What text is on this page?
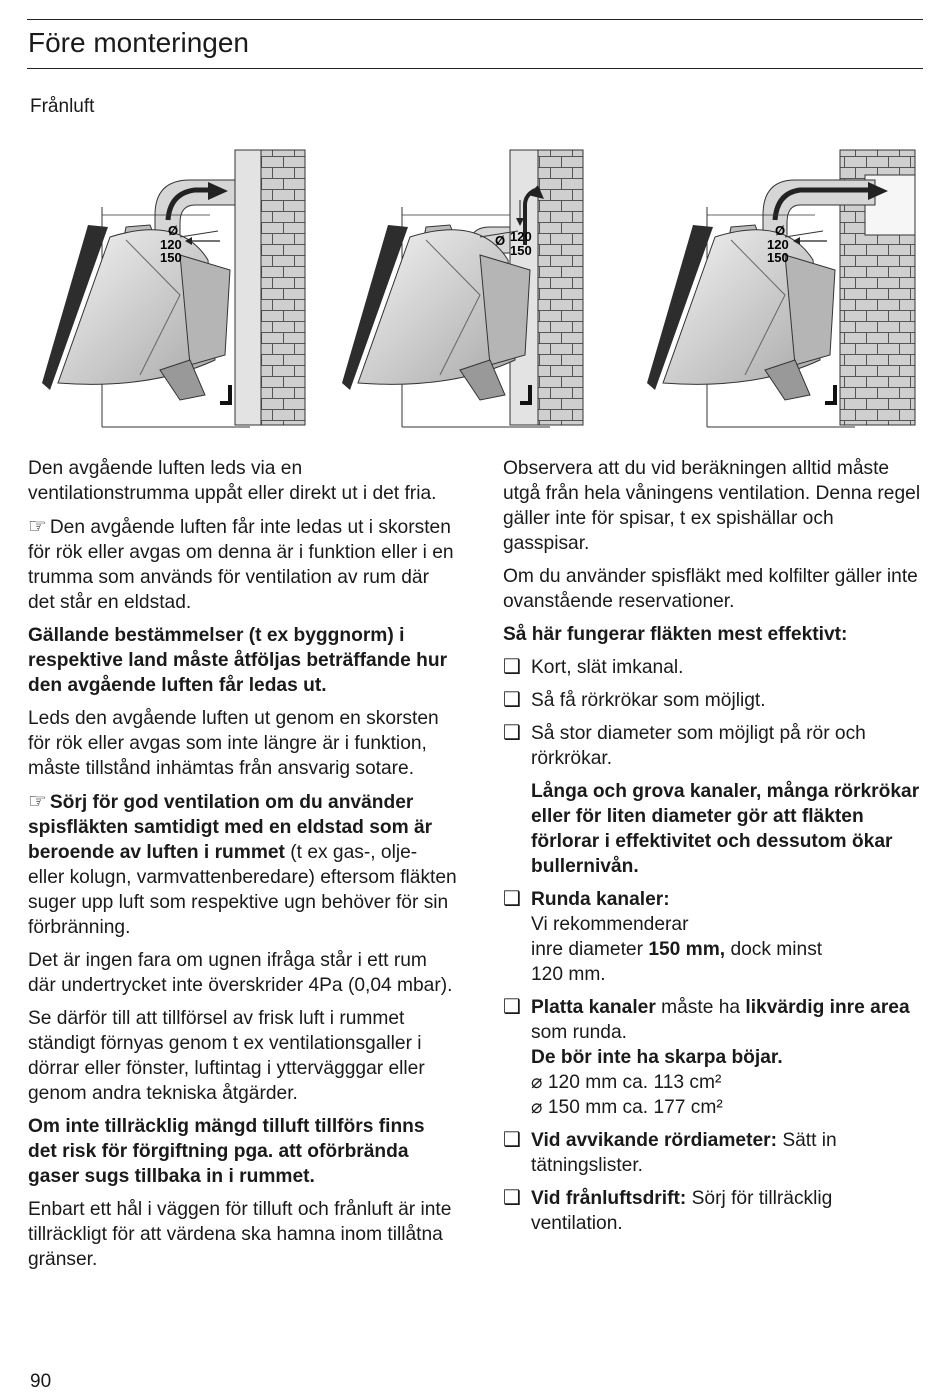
Före monteringen
Frånluft
Ø
120
150
Ø 120
150
Ø
120
150

Den avgående luften leds via en ventilationstrumma uppåt eller direkt ut i det fria.

☞ Den avgående luften får inte ledas ut i skorsten för rök eller avgas om denna är i funktion eller i en trumma som används för ventilation av rum där det står en eldstad.

Gällande bestämmelser (t ex byggnorm) i respektive land måste åtföljas beträffande hur den avgående luften får ledas ut.

Leds den avgående luften ut genom en skorsten för rök eller avgas som inte längre är i funktion, måste tillstånd inhämtas från ansvarig sotare.

☞ Sörj för god ventilation om du använder spisfläkten samtidigt med en eldstad som är beroende av luften i rummet (t ex gas-, olje- eller kolugn, varmvattenberedare) eftersom fläkten suger upp luft som respektive ugn behöver för sin förbränning.

Det är ingen fara om ugnen ifråga står i ett rum där undertrycket inte överskrider 4Pa (0,04 mbar).

Se därför till att tillförsel av frisk luft i rummet ständigt förnyas genom t ex ventilationsgaller i dörrar eller fönster, luftintag i yttervägggar eller genom andra tekniska åtgärder.

Om inte tillräcklig mängd tilluft tillförs finns det risk för förgiftning pga. att oförbrända gaser sugs tillbaka in i rummet.

Enbart ett hål i väggen för tilluft och frånluft är inte tillräckligt för att värdena ska hamna inom tillåtna gränser.

Observera att du vid beräkningen alltid måste utgå från hela våningens ventilation. Denna regel gäller inte för spisar, t ex spishällar och gasspisar.

Om du använder spisfläkt med kolfilter gäller inte ovanstående reservationer.

Så här fungerar fläkten mest effektivt:

❑ Kort, slät imkanal.
❑ Så få rörkrökar som möjligt.
❑ Så stor diameter som möjligt på rör och rörkrökar.

Långa och grova kanaler, många rörkrökar eller för liten diameter gör att fläkten förlorar i effektivitet och dessutom ökar bullernivån.

❑ Runda kanaler:
Vi rekommenderar
inre diameter 150 mm, dock minst
120 mm.
❑ Platta kanaler måste ha likvärdig inre area som runda.
De bör inte ha skarpa böjar.
⌀ 120 mm ca. 113 cm²
⌀ 150 mm ca. 177 cm²
❑ Vid avvikande rördiameter: Sätt in tätningslister.
❑ Vid frånluftsdrift: Sörj för tillräcklig ventilation.
90
